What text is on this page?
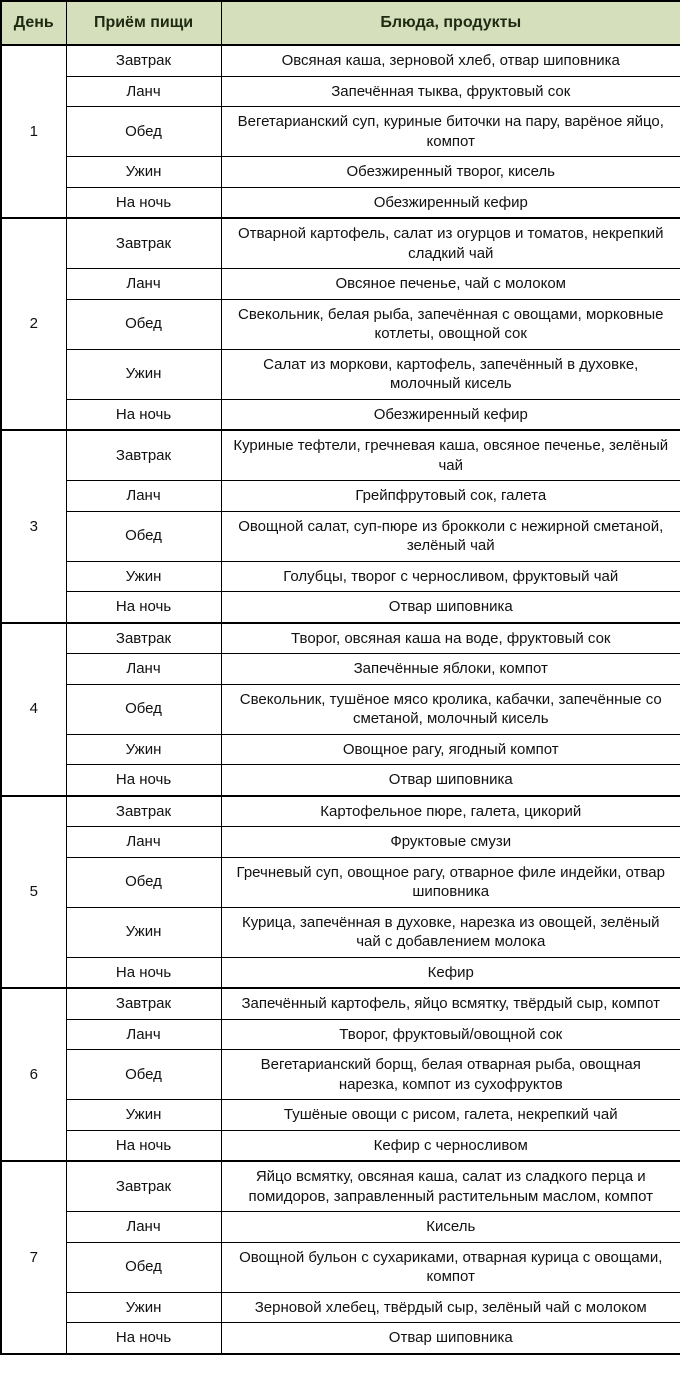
День	Приём пищи	Блюда, продукты
1	Завтрак	Овсяная каша, зерновой хлеб, отвар шиповника
	Ланч	Запечённая тыква, фруктовый сок
	Обед	Вегетарианский суп, куриные биточки на пару, варёное яйцо, компот
	Ужин	Обезжиренный творог, кисель
	На ночь	Обезжиренный кефир
2	Завтрак	Отварной картофель, салат из огурцов и томатов, некрепкий сладкий чай
	Ланч	Овсяное печенье, чай с молоком
	Обед	Свекольник, белая рыба, запечённая с овощами, морковные котлеты, овощной сок
	Ужин	Салат из моркови, картофель, запечённый в духовке, молочный кисель
	На ночь	Обезжиренный кефир
3	Завтрак	Куриные тефтели, гречневая каша, овсяное печенье, зелёный чай
	Ланч	Грейпфрутовый сок, галета
	Обед	Овощной салат, суп-пюре из брокколи с нежирной сметаной, зелёный чай
	Ужин	Голубцы, творог с черносливом, фруктовый чай
	На ночь	Отвар шиповника
4	Завтрак	Творог, овсяная каша на воде, фруктовый сок
	Ланч	Запечённые яблоки, компот
	Обед	Свекольник, тушёное мясо кролика, кабачки, запечённые со сметаной, молочный кисель
	Ужин	Овощное рагу, ягодный компот
	На ночь	Отвар шиповника
5	Завтрак	Картофельное пюре, галета, цикорий
	Ланч	Фруктовые смузи
	Обед	Гречневый суп, овощное рагу, отварное филе индейки, отвар шиповника
	Ужин	Курица, запечённая в духовке, нарезка из овощей, зелёный чай с добавлением молока
	На ночь	Кефир
6	Завтрак	Запечённый картофель, яйцо всмятку, твёрдый сыр, компот
	Ланч	Творог, фруктовый/овощной сок
	Обед	Вегетарианский борщ, белая отварная рыба, овощная нарезка, компот из сухофруктов
	Ужин	Тушёные овощи с рисом, галета, некрепкий чай
	На ночь	Кефир с черносливом
7	Завтрак	Яйцо всмятку, овсяная каша, салат из сладкого перца и помидоров, заправленный растительным маслом, компот
	Ланч	Кисель
	Обед	Овощной бульон с сухариками, отварная курица с овощами, компот
	Ужин	Зерновой хлебец, твёрдый сыр, зелёный чай с молоком
	На ночь	Отвар шиповника
